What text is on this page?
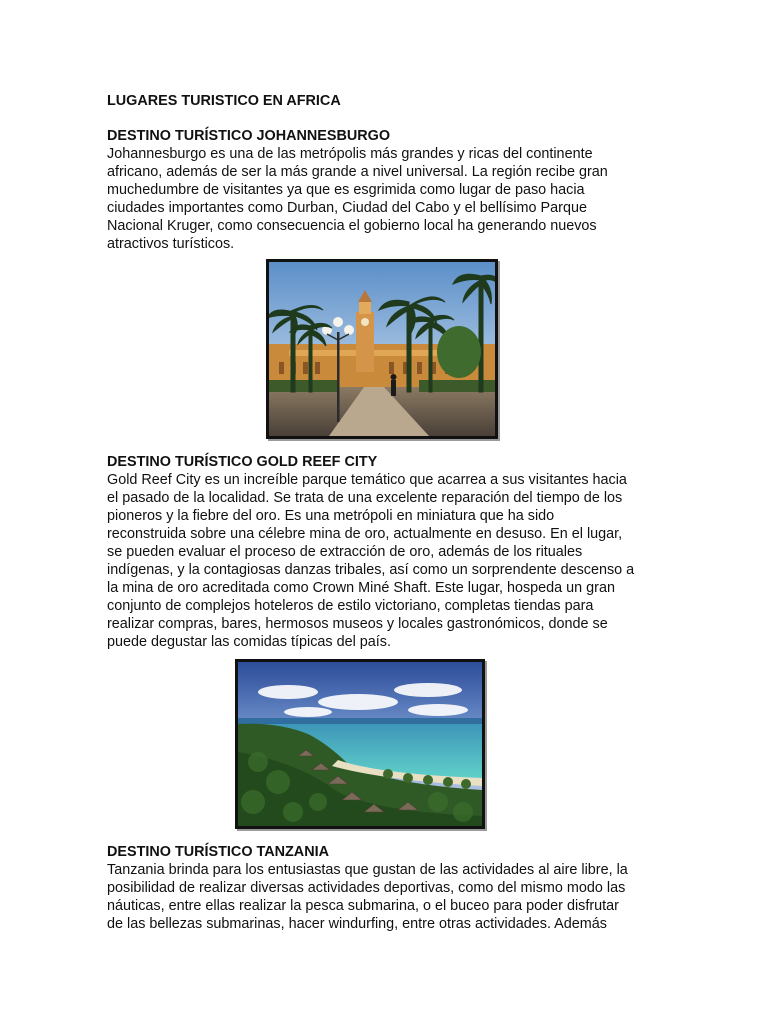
LUGARES TURISTICO EN AFRICA
DESTINO TURÍSTICO JOHANNESBURGO
Johannesburgo es una de las metrópolis más grandes y ricas del continente
africano, además de ser la más grande a nivel universal. La región recibe gran
muchedumbre de visitantes ya que es esgrimida como lugar de paso hacia
ciudades importantes como Durban, Ciudad del Cabo y el bellísimo Parque
Nacional Kruger, como consecuencia el gobierno local ha generando nuevos
atractivos turísticos.
DESTINO TURÍSTICO GOLD REEF CITY
Gold Reef City es un increíble parque temático que acarrea a sus visitantes hacia
el pasado de la localidad. Se trata de una excelente reparación del tiempo de los
pioneros y la fiebre del oro. Es una metrópoli en miniatura que ha sido
reconstruida sobre una célebre mina de oro, actualmente en desuso. En el lugar,
se pueden evaluar el proceso de extracción de oro, además de los rituales
indígenas, y la contagiosas danzas tribales, así como un sorprendente descenso a
la mina de oro acreditada como Crown Miné Shaft. Este lugar, hospeda un gran
conjunto de complejos hoteleros de estilo victoriano, completas tiendas para
realizar compras, bares, hermosos museos y locales gastronómicos, donde se
puede degustar las comidas típicas del país.
DESTINO TURÍSTICO TANZANIA
Tanzania brinda para los entusiastas que gustan de las actividades al aire libre, la
posibilidad de realizar diversas actividades deportivas, como del mismo modo las
náuticas, entre ellas realizar la pesca submarina, o el buceo para poder disfrutar
de las bellezas submarinas, hacer windurfing, entre otras actividades. Además
